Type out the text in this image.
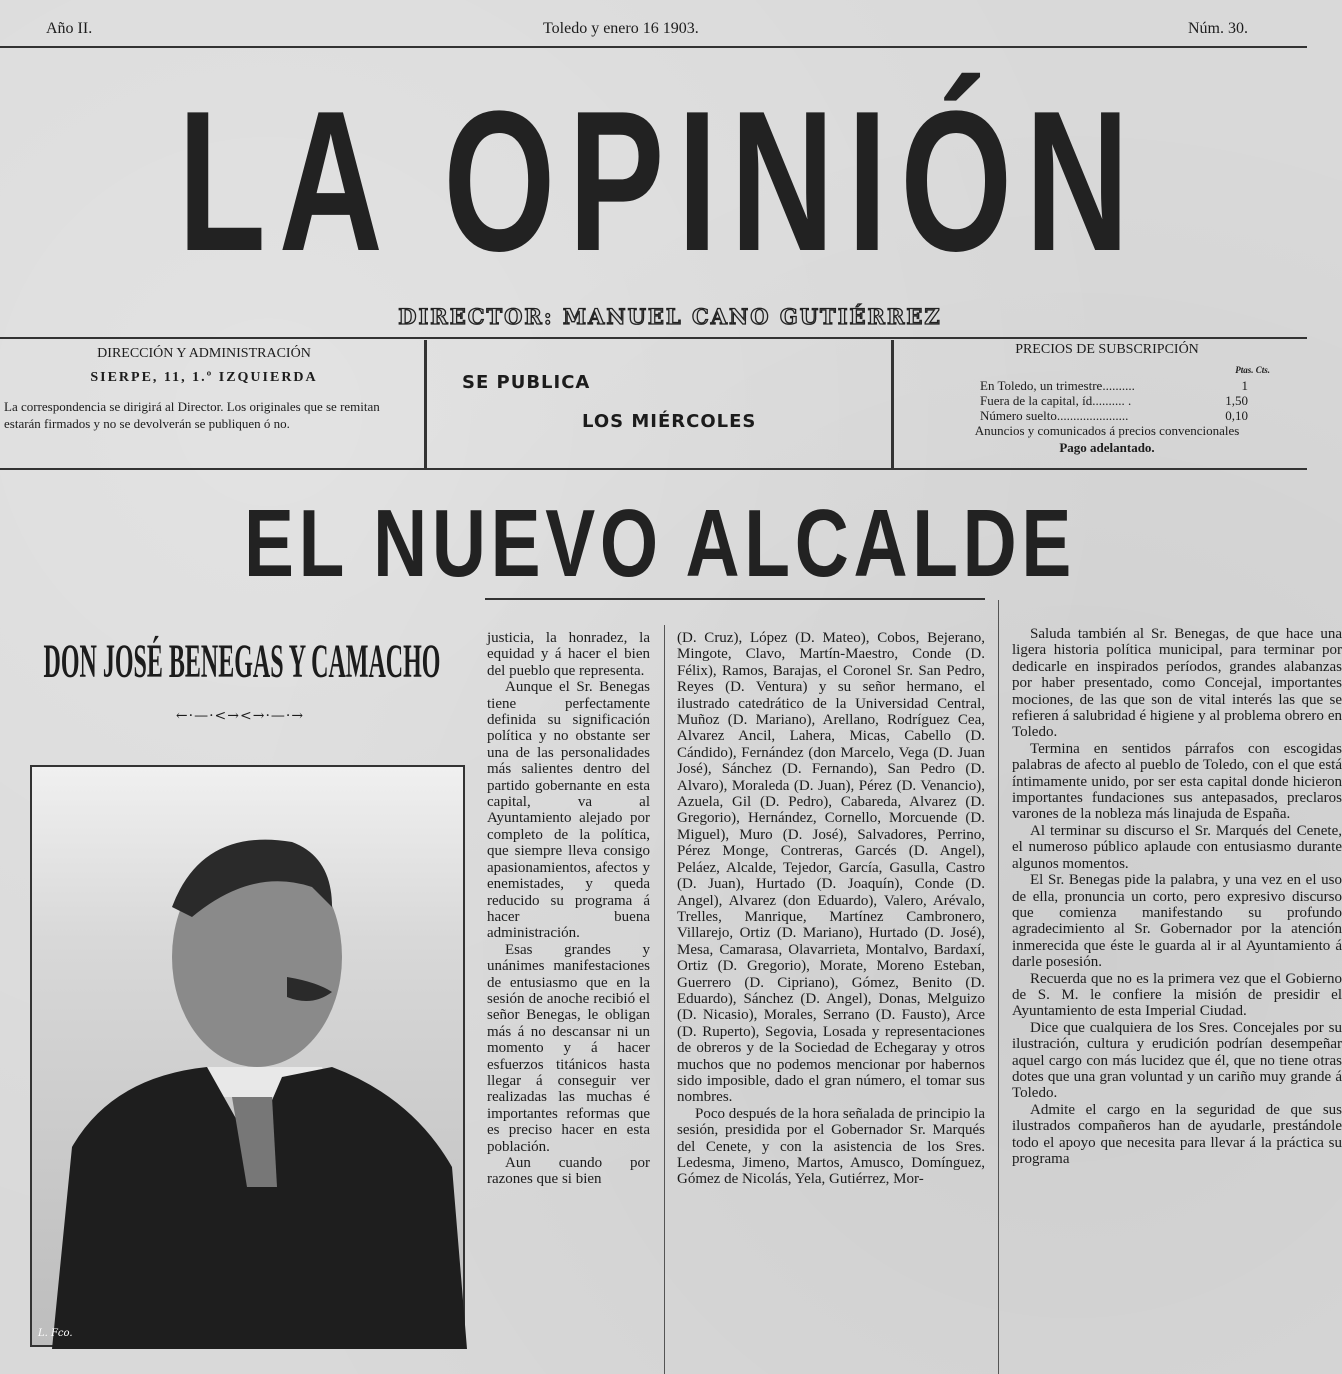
Año II.	Toledo y enero 16 1903.	Núm. 30.
LA OPINIÓN
DIRECTOR: MANUEL CANO GUTIÉRREZ
DIRECCIÓN Y ADMINISTRACIÓN
SIERPE, 11, 1.º IZQUIERDA

La correspondencia se dirigirá al Director. Los originales que se remitan estarán firmados y no se devolverán se publiquen ó no.

SE PUBLICA
LOS MIÉRCOLES
PRECIOS DE SUBSCRIPCIÓN
Ptas. Cts.
En Toledo, un trimestre..........	1
Fuera de la capital, íd.......... .	1,50
Número suelto......................	0,10
Anuncios y comunicados á precios convencionales
Pago adelantado.
EL NUEVO ALCALDE
DON JOSÉ BENEGAS Y CAMACHO
←·—·<→<→·—·→
L. Fco.

justicia, la honradez, la equidad y á hacer el bien del pueblo que representa.

Aunque el Sr. Benegas tiene perfectamente definida su significación política y no obstante ser una de las personalidades más salientes dentro del partido gobernante en esta capital, va al Ayuntamiento alejado por completo de la política, que siempre lleva consigo apasionamientos, afectos y enemistades, y queda reducido su programa á hacer buena administración.

Esas grandes y unánimes manifestaciones de entusiasmo que en la sesión de anoche recibió el señor Benegas, le obligan más á no descansar ni un momento y á hacer esfuerzos titánicos hasta llegar á conseguir ver realizadas las muchas é importantes reformas que es preciso hacer en esta población.

Aun cuando por razones que si bien

(D. Cruz), López (D. Mateo), Cobos, Bejerano, Mingote, Clavo, Martín-Maestro, Conde (D. Félix), Ramos, Barajas, el Coronel Sr. San Pedro, Reyes (D. Ventura) y su señor hermano, el ilustrado catedrático de la Universidad Central, Muñoz (D. Mariano), Arellano, Rodríguez Cea, Alvarez Ancil, Lahera, Micas, Cabello (D. Cándido), Fernández (don Marcelo, Vega (D. Juan José), Sánchez (D. Fernando), San Pedro (D. Alvaro), Moraleda (D. Juan), Pérez (D. Venancio), Azuela, Gil (D. Pedro), Cabareda, Alvarez (D. Gregorio), Hernández, Cornello, Morcuende (D. Miguel), Muro (D. José), Salvadores, Perrino, Pérez Monge, Contreras, Garcés (D. Angel), Peláez, Alcalde, Tejedor, García, Gasulla, Castro (D. Juan), Hurtado (D. Joaquín), Conde (D. Angel), Alvarez (don Eduardo), Valero, Arévalo, Trelles, Manrique, Martínez Cambronero, Villarejo, Ortiz (D. Mariano), Hurtado (D. José), Mesa, Camarasa, Olavarrieta, Montalvo, Bardaxí, Ortiz (D. Gregorio), Morate, Moreno Esteban, Guerrero (D. Cipriano), Gómez, Benito (D. Eduardo), Sánchez (D. Angel), Donas, Melguizo (D. Nicasio), Morales, Serrano (D. Fausto), Arce (D. Ruperto), Segovia, Losada y representaciones de obreros y de la Sociedad de Echegaray y otros muchos que no podemos mencionar por habernos sido imposible, dado el gran número, el tomar sus nombres.

Poco después de la hora señalada de principio la sesión, presidida por el Gobernador Sr. Marqués del Cenete, y con la asistencia de los Sres. Ledesma, Jimeno, Martos, Amusco, Domínguez, Gómez de Nicolás, Yela, Gutiérrez, Mor-

Saluda también al Sr. Benegas, de que hace una ligera historia política municipal, para terminar por dedicarle en inspirados períodos, grandes alabanzas por haber presentado, como Concejal, importantes mociones, de las que son de vital interés las que se refieren á salubridad é higiene y al problema obrero en Toledo.

Termina en sentidos párrafos con escogidas palabras de afecto al pueblo de Toledo, con el que está íntimamente unido, por ser esta capital donde hicieron importantes fundaciones sus antepasados, preclaros varones de la nobleza más linajuda de España.

Al terminar su discurso el Sr. Marqués del Cenete, el numeroso público aplaude con entusiasmo durante algunos momentos.

El Sr. Benegas pide la palabra, y una vez en el uso de ella, pronuncia un corto, pero expresivo discurso que comienza manifestando su profundo agradecimiento al Sr. Gobernador por la atención inmerecida que éste le guarda al ir al Ayuntamiento á darle posesión.

Recuerda que no es la primera vez que el Gobierno de S. M. le confiere la misión de presidir el Ayuntamiento de esta Imperial Ciudad.

Dice que cualquiera de los Sres. Concejales por su ilustración, cultura y erudición podrían desempeñar aquel cargo con más lucidez que él, que no tiene otras dotes que una gran voluntad y un cariño muy grande á Toledo.

Admite el cargo en la seguridad de que sus ilustrados compañeros han de ayudarle, prestándole todo el apoyo que necesita para llevar á la práctica su programa
